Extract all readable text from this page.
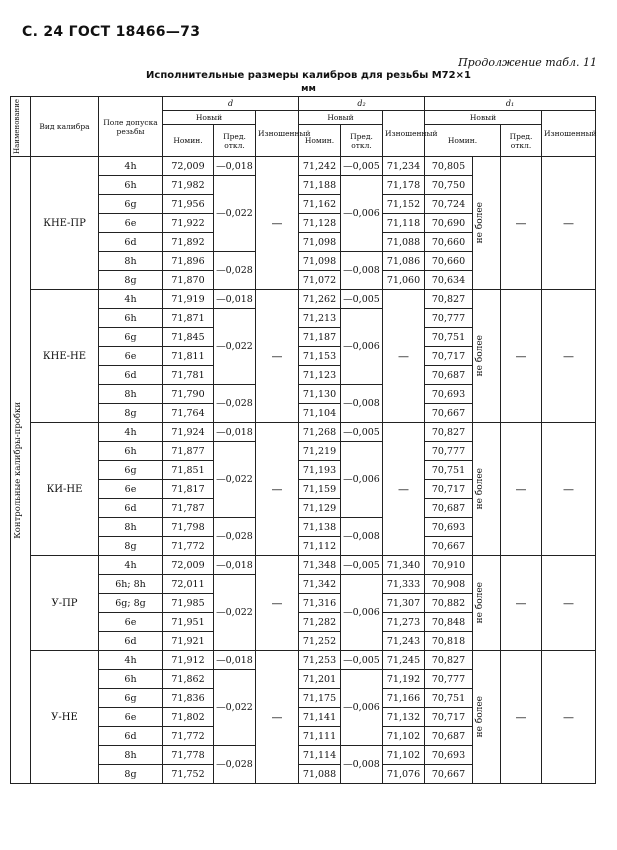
С. 24 ГОСТ 18466—73
Продолжение табл. 11
Исполнительные размеры калибров для резьбы М72×1
мм
Наименование	Вид калибра	Поле допуска резьбы	d			d₂			d₁			
			Новый		Изношенный	Новый		Изношенный	Новый			Изношенный
			Номин.	Пред. откл.		Номин.	Пред. откл.		Номин.		Пред. откл.	

Контрольные калибры-пробки	КНЕ-ПР	4h	72,009	—0,018	—	71,242	—0,005	71,234	70,805	не более	—	—
		6h	71,982	—0,022		71,188	—0,006	71,178	70,750			
		6g	71,956			71,162		71,152	70,724			
		6e	71,922			71,128		71,118	70,690			
		6d	71,892			71,098		71,088	70,660			
		8h	71,896	—0,028		71,098	—0,008	71,086	70,660			
		8g	71,870			71,072		71,060	70,634			
	КНЕ-НЕ	4h	71,919	—0,018	—	71,262	—0,005	—	70,827	не более	—	—
		6h	71,871	—0,022		71,213	—0,006		70,777			
		6g	71,845			71,187			70,751			
		6e	71,811			71,153			70,717			
		6d	71,781			71,123			70,687			
		8h	71,790	—0,028		71,130	—0,008		70,693			
		8g	71,764			71,104			70,667			
	КИ-НЕ	4h	71,924	—0,018	—	71,268	—0,005	—	70,827	не более	—	—
		6h	71,877	—0,022		71,219	—0,006		70,777			
		6g	71,851			71,193			70,751			
		6e	71,817			71,159			70,717			
		6d	71,787			71,129			70,687			
		8h	71,798	—0,028		71,138	—0,008		70,693			
		8g	71,772			71,112			70,667			
	У-ПР	4h	72,009	—0,018	—	71,348	—0,005	71,340	70,910	не более	—	—
		6h; 8h	72,011	—0,022		71,342	—0,006	71,333	70,908			
		6g; 8g	71,985			71,316		71,307	70,882			
		6e	71,951			71,282		71,273	70,848			
		6d	71,921			71,252		71,243	70,818			
	У-НЕ	4h	71,912	—0,018	—	71,253	—0,005	71,245	70,827	не более	—	—
		6h	71,862	—0,022		71,201	—0,006	71,192	70,777			
		6g	71,836			71,175		71,166	70,751			
		6e	71,802			71,141		71,132	70,717			
		6d	71,772			71,111		71,102	70,687			
		8h	71,778	—0,028		71,114	—0,008	71,102	70,693			
		8g	71,752			71,088		71,076	70,667			
